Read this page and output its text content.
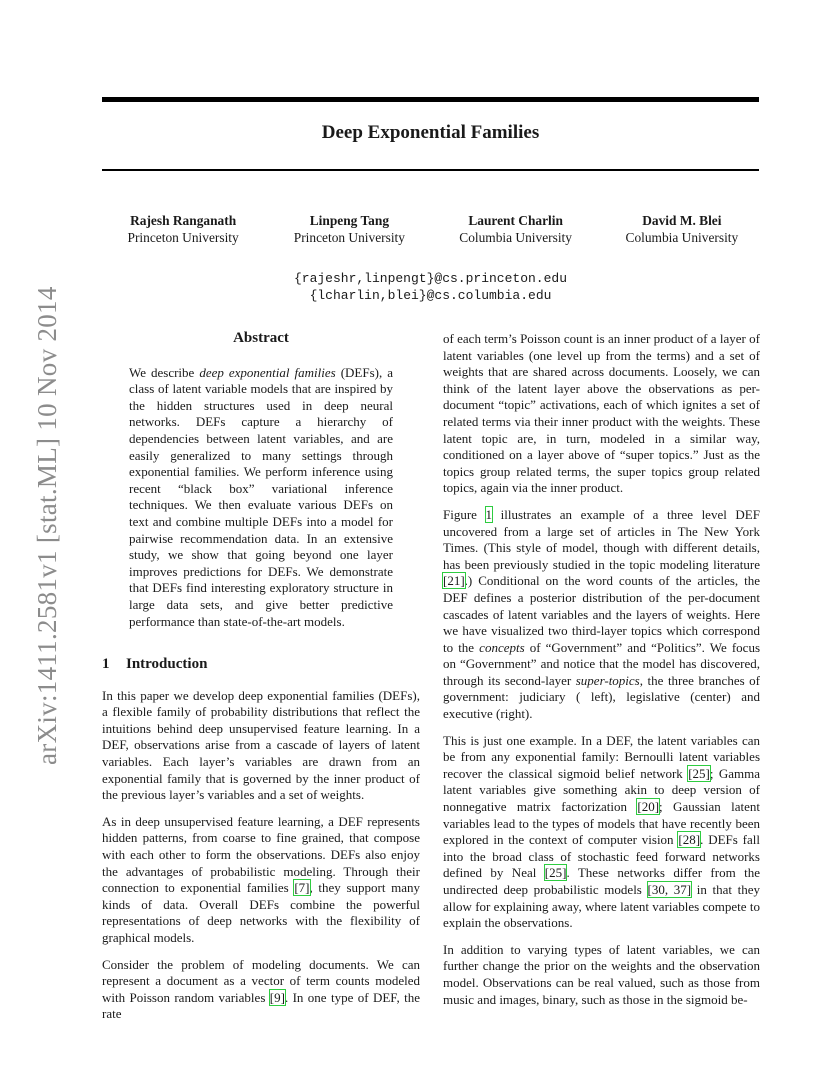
Deep Exponential Families
Rajesh Ranganath
Princeton University
Linpeng Tang
Princeton University
Laurent Charlin
Columbia University
David M. Blei
Columbia University
{rajeshr,linpengt}@cs.princeton.edu
{lcharlin,blei}@cs.columbia.edu
arXiv:1411.2581v1 [stat.ML] 10 Nov 2014	Abstract

We describe deep exponential families (DEFs), a class of latent variable models that are inspired by the hidden structures used in deep neural networks. DEFs capture a hierarchy of dependencies between latent variables, and are easily generalized to many settings through exponential families. We perform inference using recent “black box” variational inference techniques. We then evaluate various DEFs on text and combine multiple DEFs into a model for pairwise recommendation data. In an extensive study, we show that going beyond one layer improves predictions for DEFs. We demonstrate that DEFs find interesting exploratory structure in large data sets, and give better predictive performance than state-of-the-art models.

1 Introduction

In this paper we develop deep exponential families (DEFs), a flexible family of probability distributions that reflect the intuitions behind deep unsupervised feature learning. In a DEF, observations arise from a cascade of layers of latent variables. Each layer’s variables are drawn from an exponential family that is governed by the inner product of the previous layer’s variables and a set of weights.

As in deep unsupervised feature learning, a DEF represents hidden patterns, from coarse to fine grained, that compose with each other to form the observations. DEFs also enjoy the advantages of probabilistic modeling. Through their connection to exponential families [7], they support many kinds of data. Overall DEFs combine the powerful representations of deep networks with the flexibility of graphical models.

Consider the problem of modeling documents. We can represent a document as a vector of term counts modeled with Poisson random variables [9]. In one type of DEF, the rate

of each term’s Poisson count is an inner product of a layer of latent variables (one level up from the terms) and a set of weights that are shared across documents. Loosely, we can think of the latent layer above the observations as per-document “topic” activations, each of which ignites a set of related terms via their inner product with the weights. These latent topic are, in turn, modeled in a similar way, conditioned on a layer above of “super topics.” Just as the topics group related terms, the super topics group related topics, again via the inner product.

Figure 1 illustrates an example of a three level DEF uncovered from a large set of articles in The New York Times. (This style of model, though with different details, has been previously studied in the topic modeling literature [21].) Conditional on the word counts of the articles, the DEF defines a posterior distribution of the per-document cascades of latent variables and the layers of weights. Here we have visualized two third-layer topics which correspond to the concepts of “Government” and “Politics”. We focus on “Government” and notice that the model has discovered, through its second-layer super-topics, the three branches of government: judiciary ( left), legislative (center) and executive (right).

This is just one example. In a DEF, the latent variables can be from any exponential family: Bernoulli latent variables recover the classical sigmoid belief network [25]; Gamma latent variables give something akin to deep version of nonnegative matrix factorization [20]; Gaussian latent variables lead to the types of models that have recently been explored in the context of computer vision [28]. DEFs fall into the broad class of stochastic feed forward networks defined by Neal [25]. These networks differ from the undirected deep probabilistic models [30, 37] in that they allow for explaining away, where latent variables compete to explain the observations.

In addition to varying types of latent variables, we can further change the prior on the weights and the observation model. Observations can be real valued, such as those from music and images, binary, such as those in the sigmoid be-
